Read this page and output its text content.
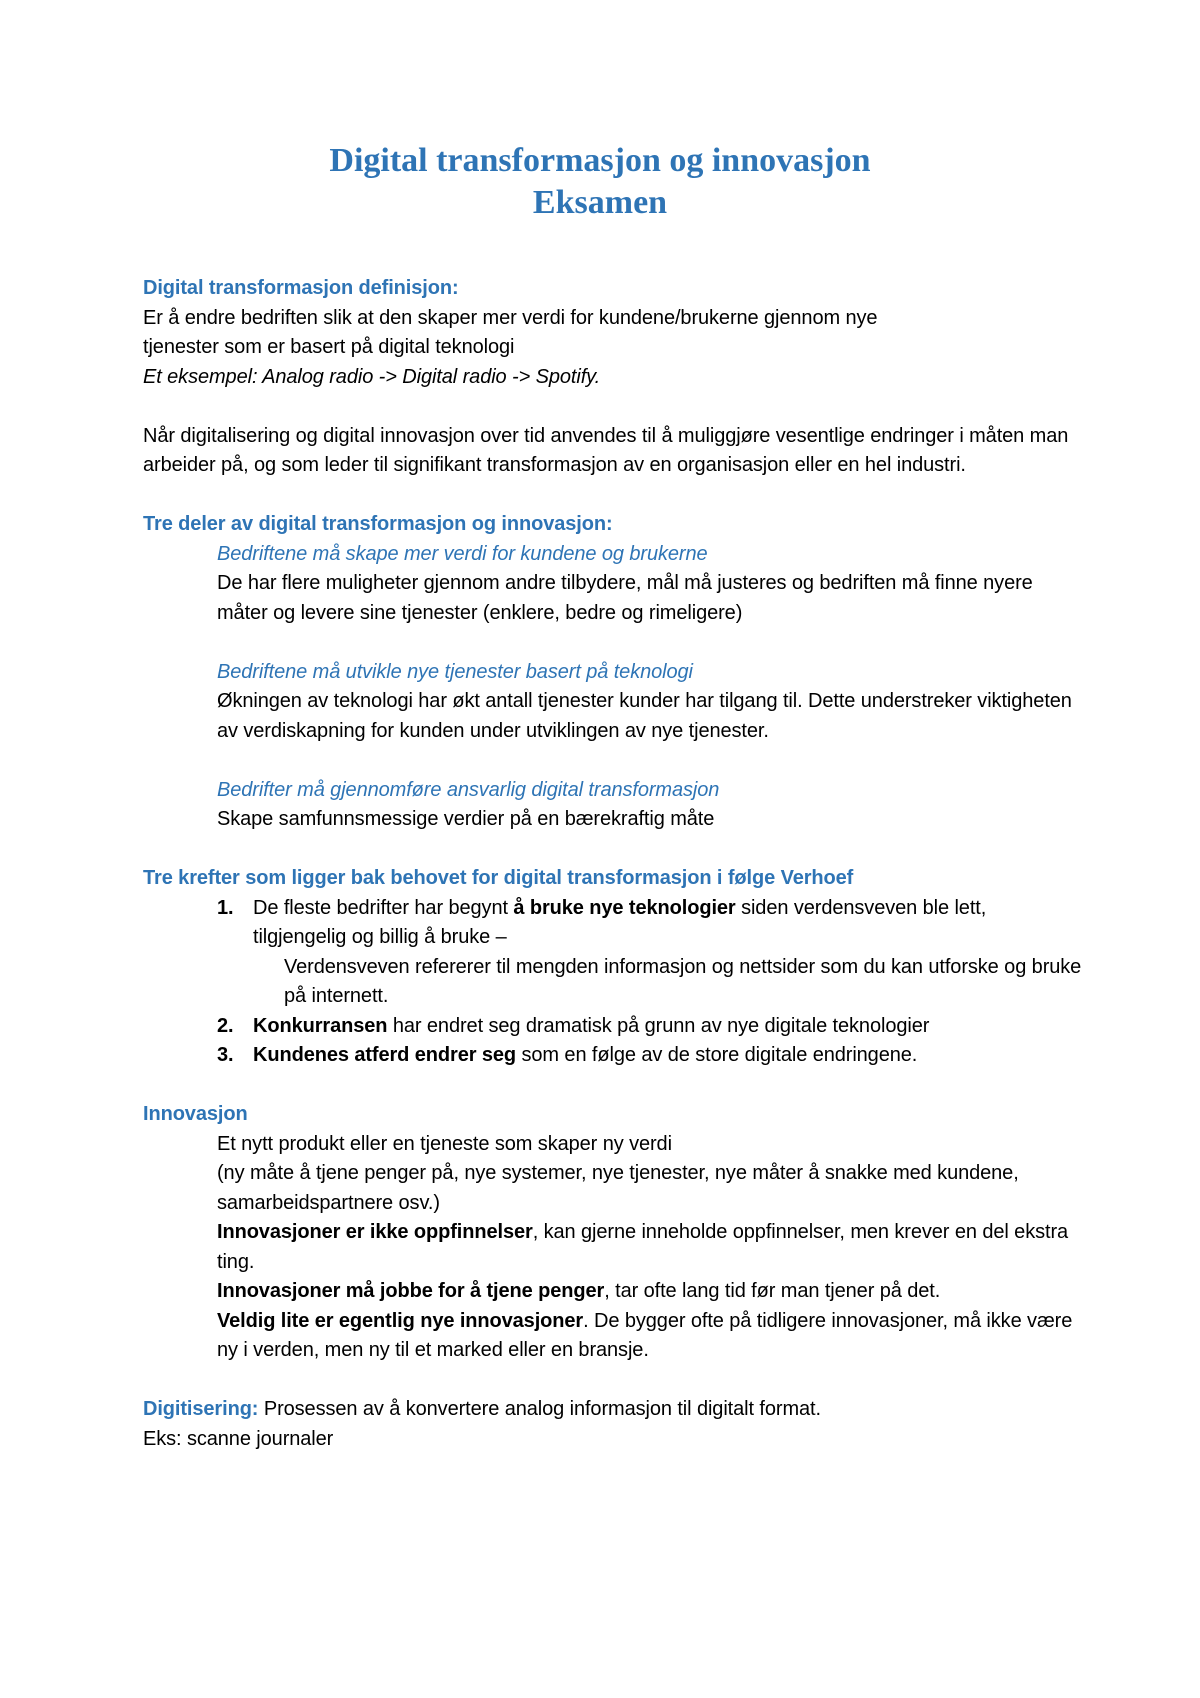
Digital transformasjon og innovasjon

Eksamen

Digital transformasjon definisjon:
Er å endre bedriften slik at den skaper mer verdi for kundene/brukerne gjennom nye
tjenester som er basert på digital teknologi
Et eksempel: Analog radio -> Digital radio -> Spotify.
Når digitalisering og digital innovasjon over tid anvendes til å muliggjøre vesentlige endringer i måten man arbeider på, og som leder til signifikant transformasjon av en organisasjon eller en hel industri.
Tre deler av digital transformasjon og innovasjon:
Bedriftene må skape mer verdi for kundene og brukerne
De har flere muligheter gjennom andre tilbydere, mål må justeres og bedriften må finne nyere måter og levere sine tjenester (enklere, bedre og rimeligere)
Bedriftene må utvikle nye tjenester basert på teknologi
Økningen av teknologi har økt antall tjenester kunder har tilgang til. Dette understreker viktigheten av verdiskapning for kunden under utviklingen av nye tjenester.
Bedrifter må gjennomføre ansvarlig digital transformasjon
Skape samfunnsmessige verdier på en bærekraftig måte
Tre krefter som ligger bak behovet for digital transformasjon i følge Verhoef
1. De fleste bedrifter har begynt å bruke nye teknologier siden verdensveven ble lett, tilgjengelig og billig å bruke –
Verdensveven refererer til mengden informasjon og nettsider som du kan utforske og bruke på internett.
2. Konkurransen har endret seg dramatisk på grunn av nye digitale teknologier
3. Kundenes atferd endrer seg som en følge av de store digitale endringene.
Innovasjon
Et nytt produkt eller en tjeneste som skaper ny verdi
(ny måte å tjene penger på, nye systemer, nye tjenester, nye måter å snakke med kundene, samarbeidspartnere osv.)
Innovasjoner er ikke oppfinnelser, kan gjerne inneholde oppfinnelser, men krever en del ekstra ting.
Innovasjoner må jobbe for å tjene penger, tar ofte lang tid før man tjener på det.
Veldig lite er egentlig nye innovasjoner. De bygger ofte på tidligere innovasjoner, må ikke være ny i verden, men ny til et marked eller en bransje.
Digitisering: Prosessen av å konvertere analog informasjon til digitalt format.
Eks: scanne journaler
